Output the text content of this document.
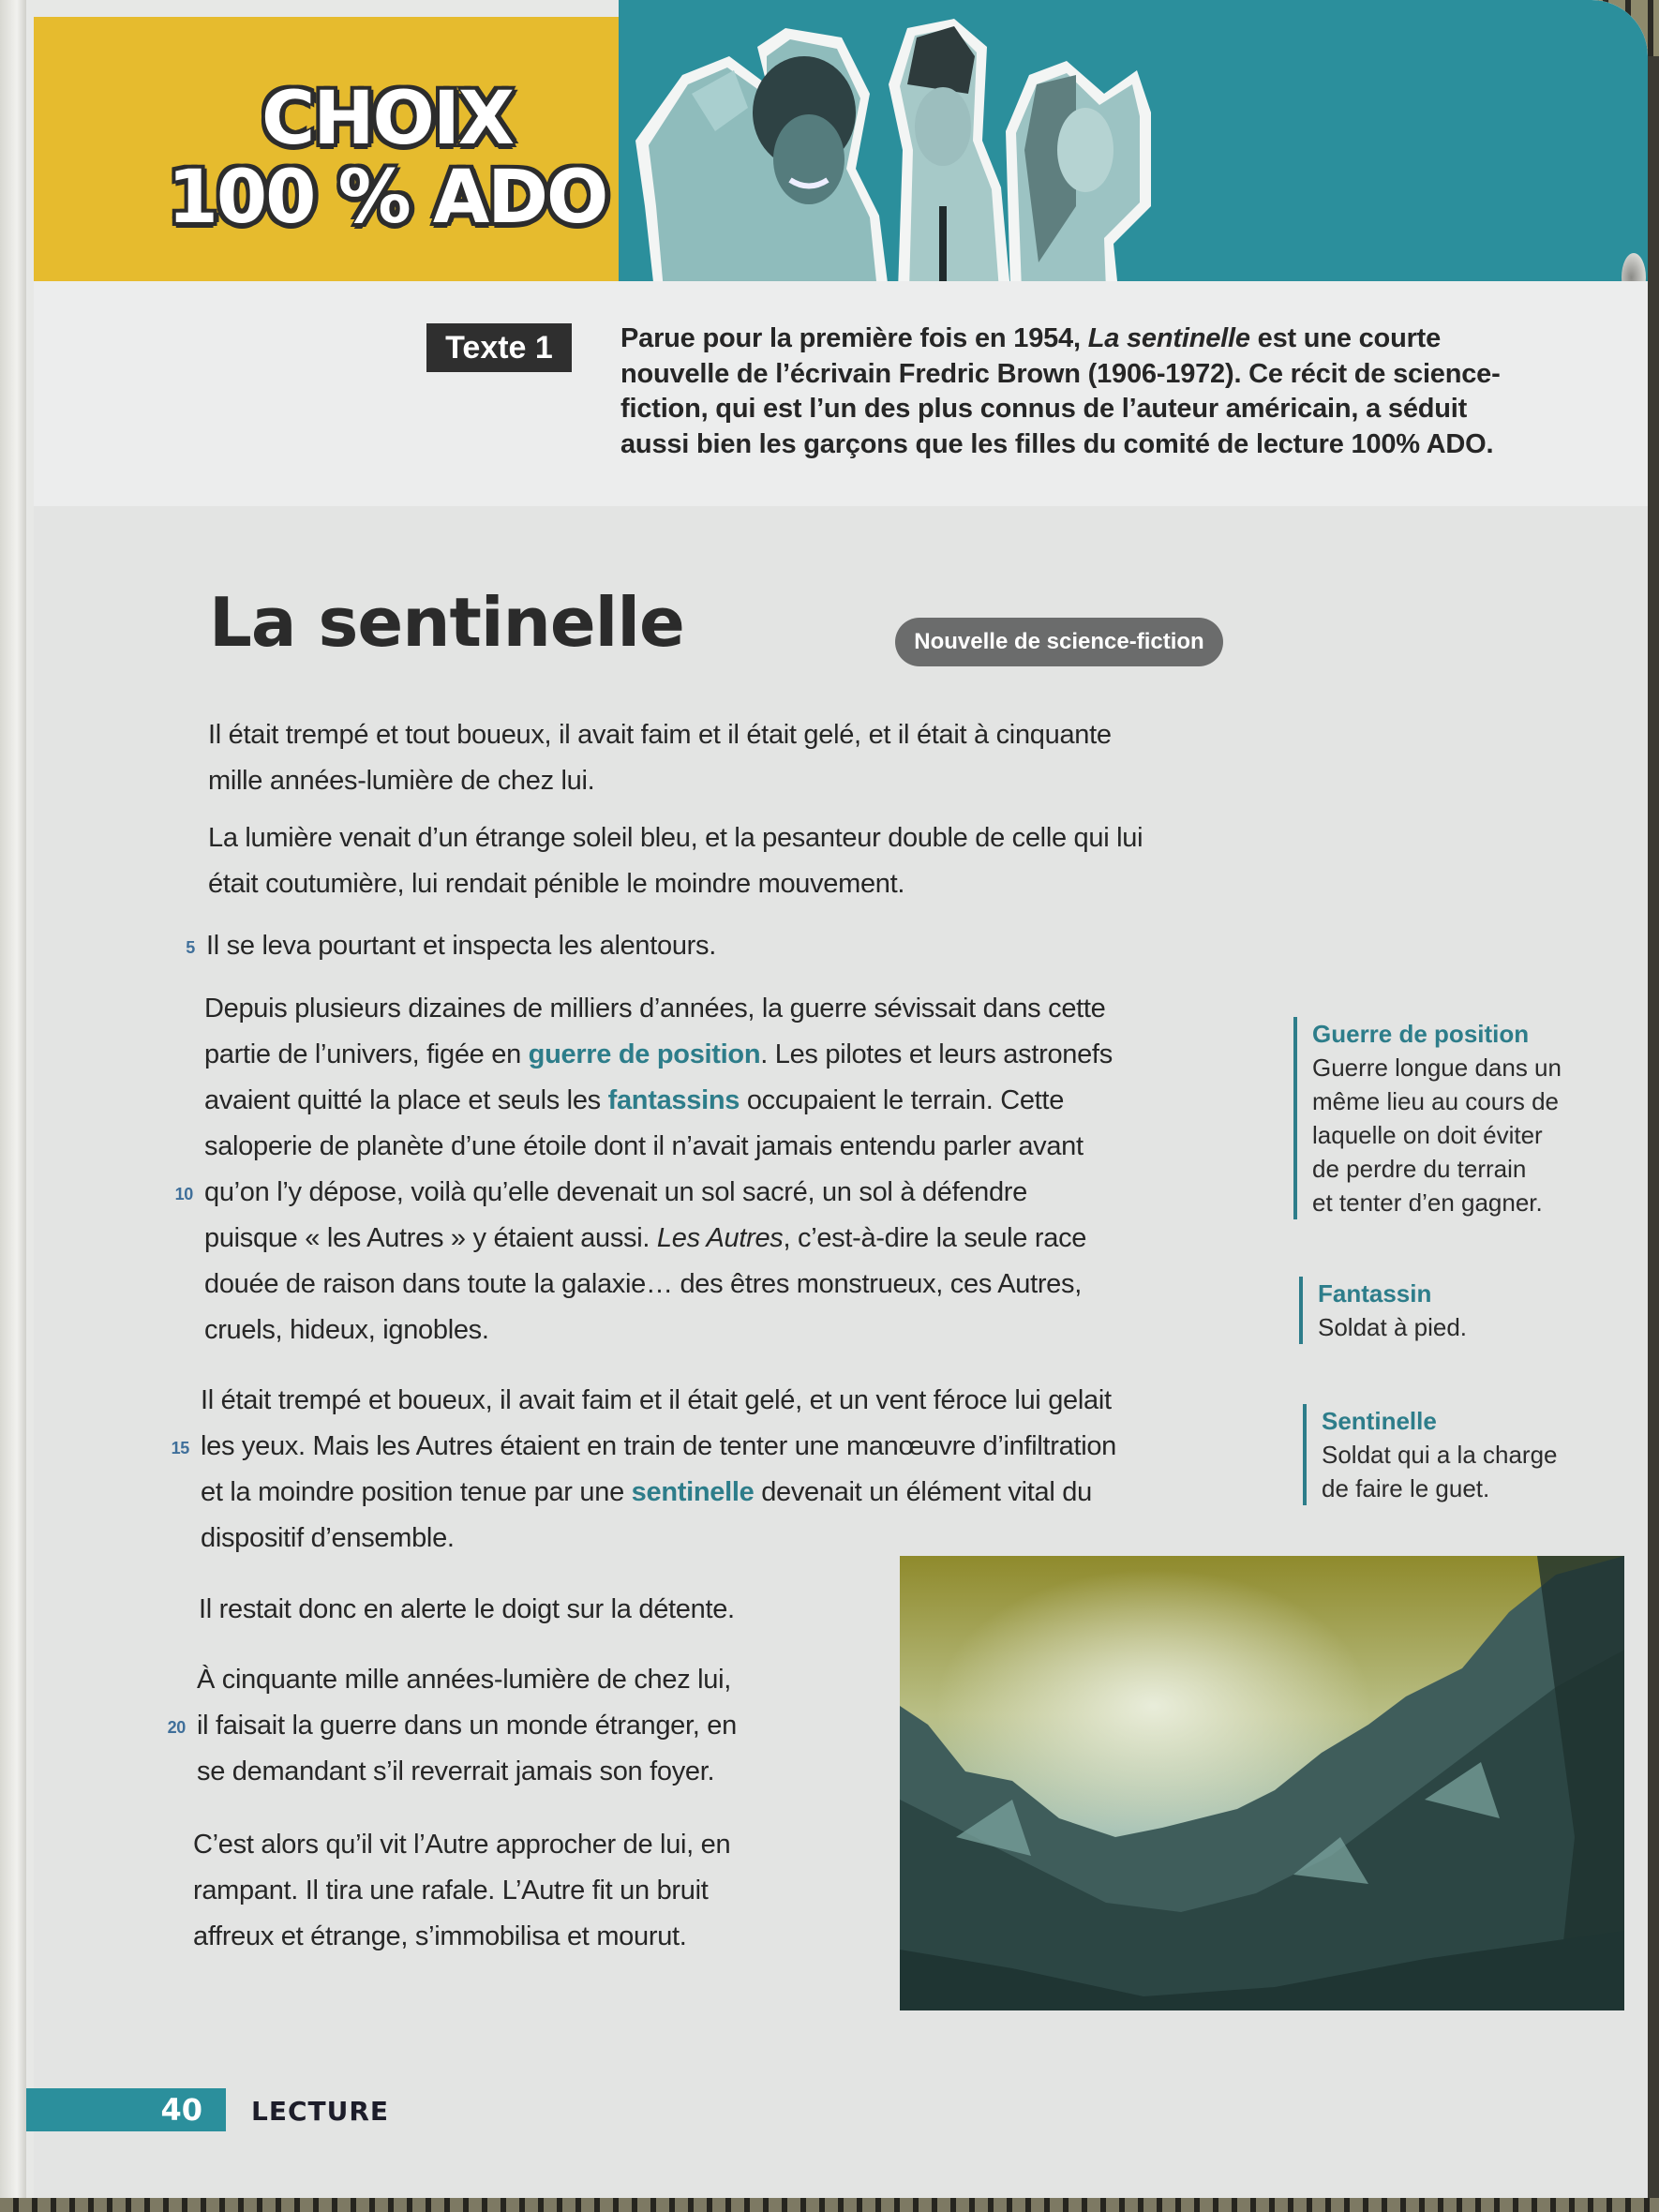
CHOIX
100 % ADO
Texte 1	Parue pour la première fois en 1954, La sentinelle est une courte nouvelle de l’écrivain Fredric Brown (1906-1972). Ce récit de science-fiction, qui est l’un des plus connus de l’auteur américain, a séduit aussi bien les garçons que les filles du comité de lecture 100% ADO.
La sentinelle	Nouvelle de science-fiction
Il était trempé et tout boueux, il avait faim et il était gelé, et il était à cinquante
mille années-lumière de chez lui.
La lumière venait d’un étrange soleil bleu, et la pesanteur double de celle qui lui
était coutumière, lui rendait pénible le moindre mouvement.
5 Il se leva pourtant et inspecta les alentours.
Depuis plusieurs dizaines de milliers d’années, la guerre sévissait dans cette
partie de l’univers, figée en guerre de position. Les pilotes et leurs astronefs
avaient quitté la place et seuls les fantassins occupaient le terrain. Cette
saloperie de planète d’une étoile dont il n’avait jamais entendu parler avant
10 qu’on l’y dépose, voilà qu’elle devenait un sol sacré, un sol à défendre
puisque « les Autres » y étaient aussi. Les Autres, c’est-à-dire la seule race
douée de raison dans toute la galaxie… des êtres monstrueux, ces Autres,
cruels, hideux, ignobles.
Il était trempé et boueux, il avait faim et il était gelé, et un vent féroce lui gelait
15 les yeux. Mais les Autres étaient en train de tenter une manœuvre d’infiltration
et la moindre position tenue par une sentinelle devenait un élément vital du
dispositif d’ensemble.
Il restait donc en alerte le doigt sur la détente.
À cinquante mille années-lumière de chez lui,
20 il faisait la guerre dans un monde étranger, en
se demandant s’il reverrait jamais son foyer.
C’est alors qu’il vit l’Autre approcher de lui, en
rampant. Il tira une rafale. L’Autre fit un bruit
affreux et étrange, s’immobilisa et mourut.
Guerre de position
Guerre longue dans un
même lieu au cours de
laquelle on doit éviter
de perdre du terrain
et tenter d’en gagner.
Fantassin
Soldat à pied.
Sentinelle
Soldat qui a la charge
de faire le guet.
40	LECTURE
